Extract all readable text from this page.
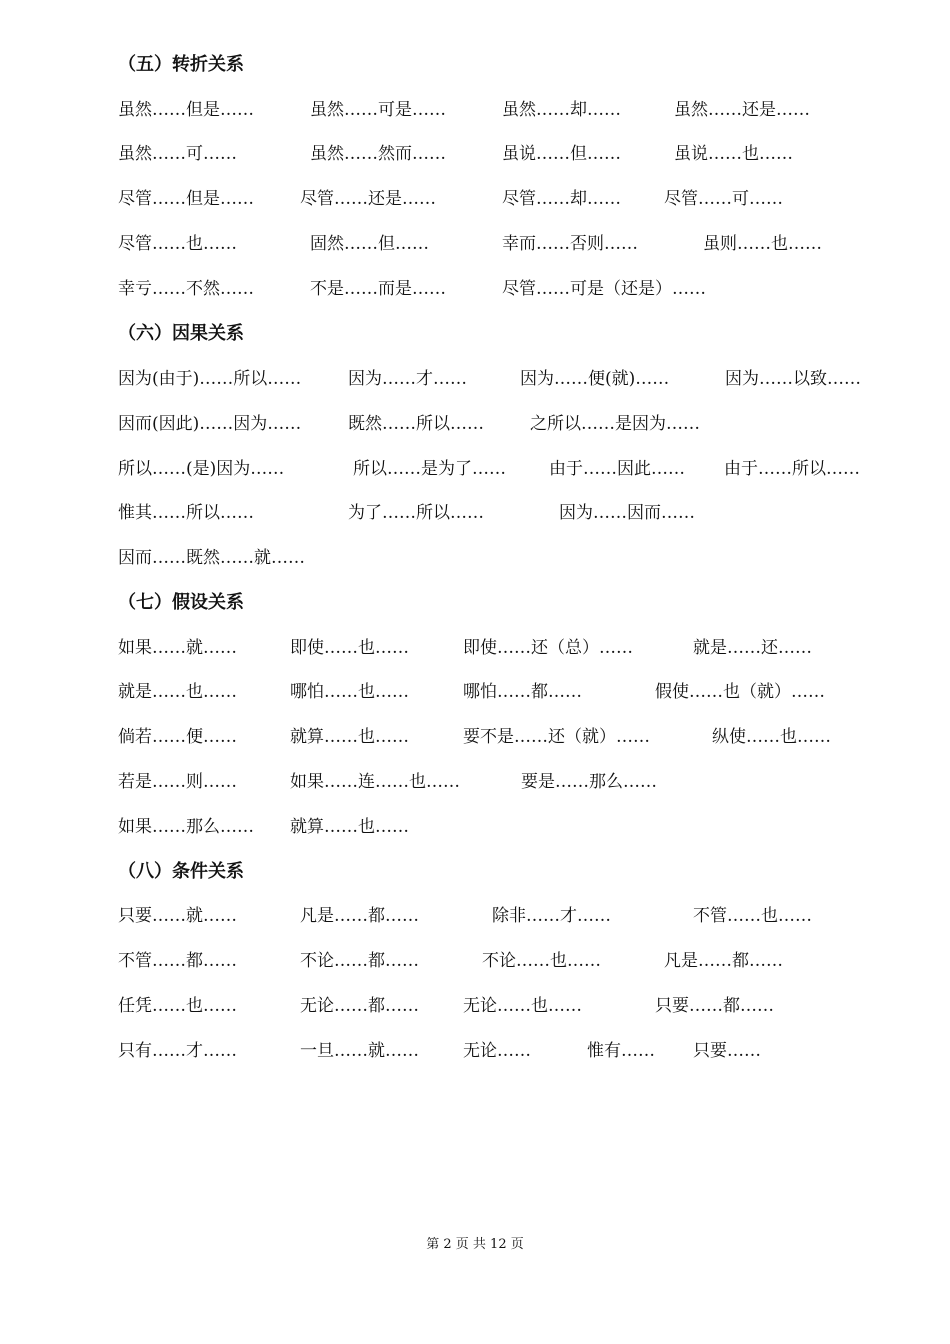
（五）转折关系
虽然……但是……	虽然……可是……	虽然……却……	虽然……还是……
虽然……可……	虽然……然而……	虽说……但……	虽说……也……
尽管……但是……	尽管……还是……	尽管……却……	尽管……可……
尽管……也……	固然……但……	幸而……否则……	虽则……也……
幸亏……不然……	不是……而是……	尽管……可是（还是）……
（六）因果关系
因为(由于)……所以……	因为……才……	因为……便(就)……	因为……以致……
因而(因此)……因为……	既然……所以……	之所以……是因为……
所以……(是)因为……	所以……是为了……	由于……因此…… 由于……所以……
惟其……所以……	为了……所以……	因为……因而……
因而……既然……就……
（七）假设关系
如果……就……	即使……也……	即使……还（总）……	就是……还……
就是……也……	哪怕……也……	哪怕……都……	假使……也（就）……
倘若……便……	就算……也……	要不是……还（就）……	纵使……也……
若是……则……	如果……连……也……	要是……那么……
如果……那么…… 就算……也……
（八）条件关系
只要……就……	凡是……都……	除非……才……	不管……也……
不管……都……	不论……都……	不论……也……	凡是……都……
任凭……也……	无论……都……	无论……也……	只要……都……
只有……才……	一旦……就……	无论……	惟有…… 只要……
第 2 页 共 12 页
